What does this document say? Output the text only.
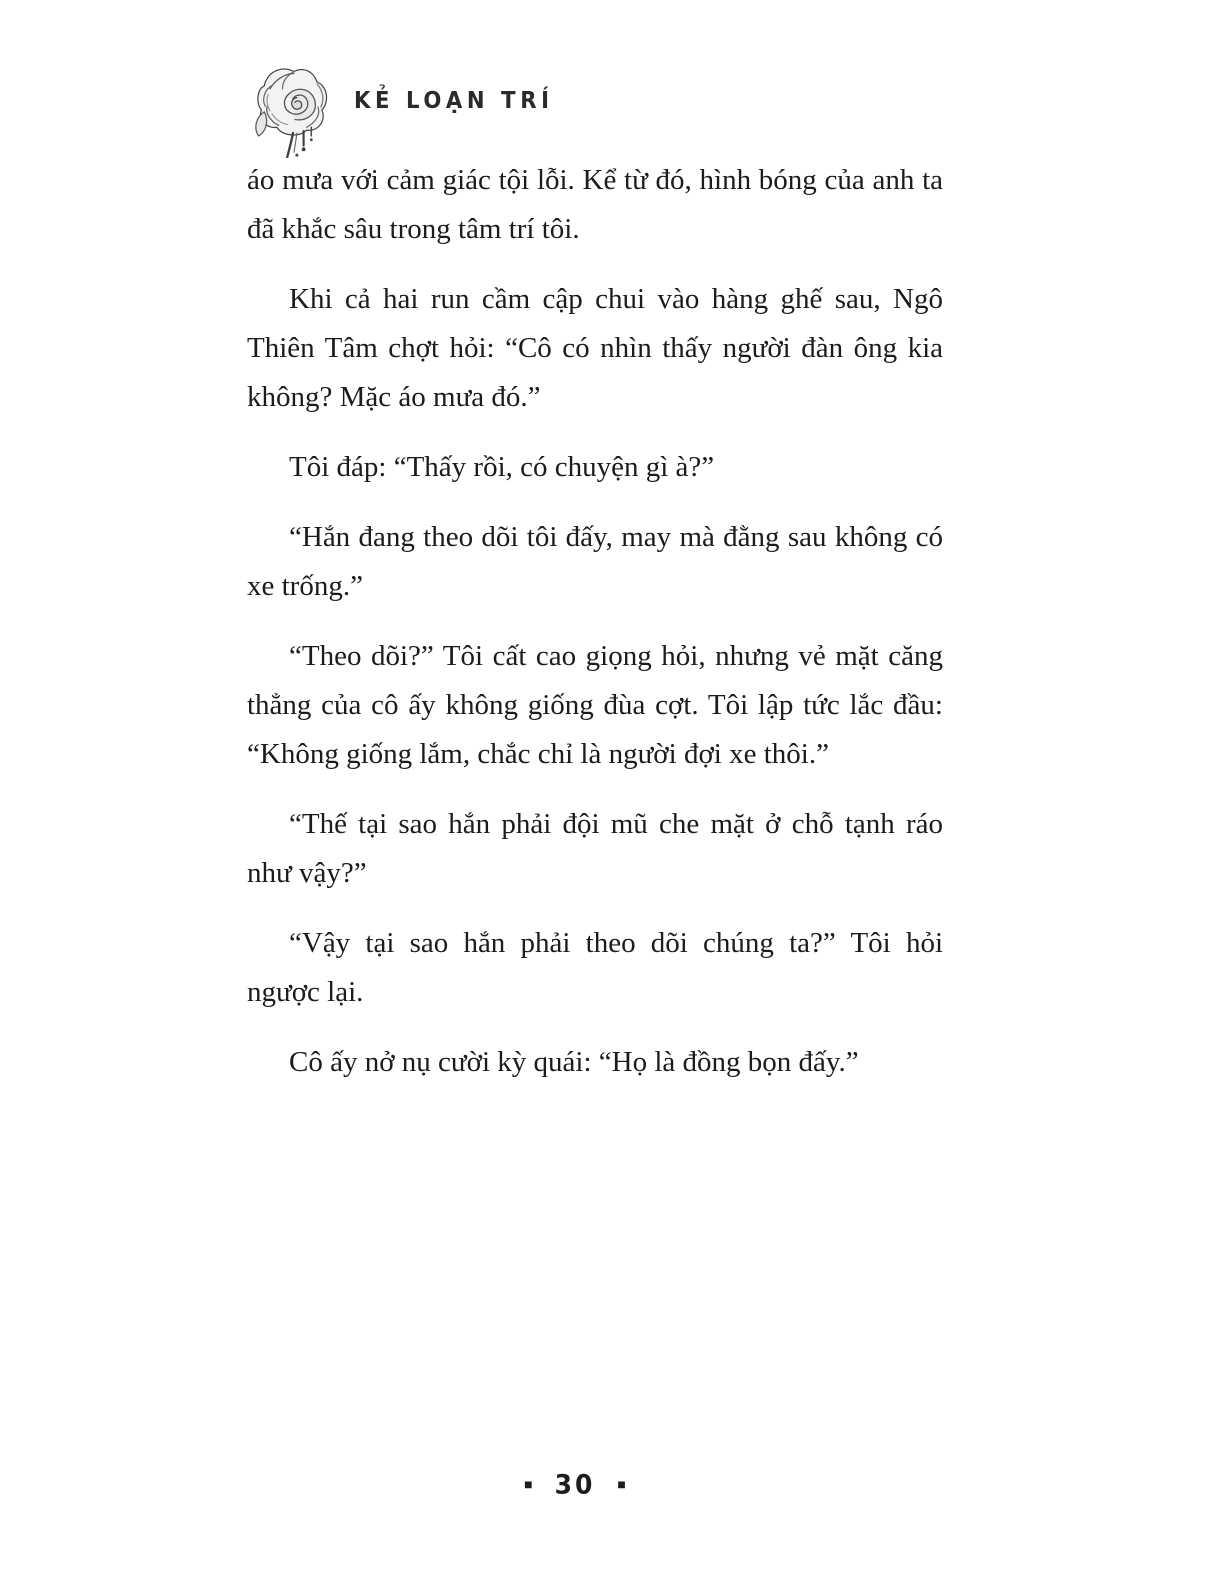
KẺ LOẠN TRÍ

áo mưa với cảm giác tội lỗi. Kể từ đó, hình bóng của anh ta đã khắc sâu trong tâm trí tôi.

Khi cả hai run cầm cập chui vào hàng ghế sau, Ngô Thiên Tâm chợt hỏi: “Cô có nhìn thấy người đàn ông kia không? Mặc áo mưa đó.”

Tôi đáp: “Thấy rồi, có chuyện gì à?”

“Hắn đang theo dõi tôi đấy, may mà đằng sau không có xe trống.”

“Theo dõi?” Tôi cất cao giọng hỏi, nhưng vẻ mặt căng thẳng của cô ấy không giống đùa cợt. Tôi lập tức lắc đầu: “Không giống lắm, chắc chỉ là người đợi xe thôi.”

“Thế tại sao hắn phải đội mũ che mặt ở chỗ tạnh ráo như vậy?”

“Vậy tại sao hắn phải theo dõi chúng ta?” Tôi hỏi ngược lại.

Cô ấy nở nụ cười kỳ quái: “Họ là đồng bọn đấy.”

■ 30 ■
